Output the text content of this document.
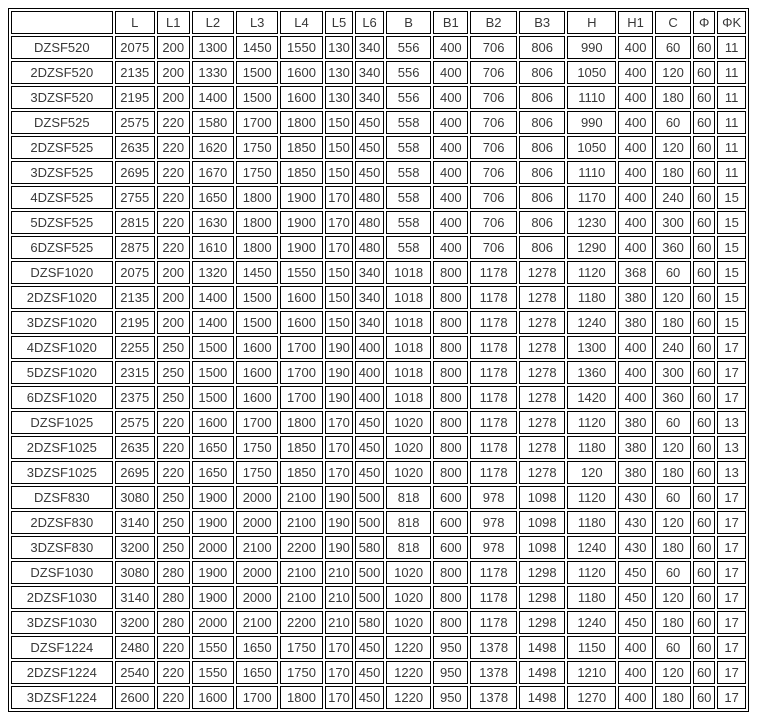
	L	L1	L2	L3	L4	L5	L6	B	B1	B2	B3	H	H1	C	Φ	ΦK
DZSF520	2075	200	1300	1450	1550	130	340	556	400	706	806	990	400	60	60	11
2DZSF520	2135	200	1330	1500	1600	130	340	556	400	706	806	1050	400	120	60	11
3DZSF520	2195	200	1400	1500	1600	130	340	556	400	706	806	1110	400	180	60	11
DZSF525	2575	220	1580	1700	1800	150	450	558	400	706	806	990	400	60	60	11
2DZSF525	2635	220	1620	1750	1850	150	450	558	400	706	806	1050	400	120	60	11
3DZSF525	2695	220	1670	1750	1850	150	450	558	400	706	806	1110	400	180	60	11
4DZSF525	2755	220	1650	1800	1900	170	480	558	400	706	806	1170	400	240	60	15
5DZSF525	2815	220	1630	1800	1900	170	480	558	400	706	806	1230	400	300	60	15
6DZSF525	2875	220	1610	1800	1900	170	480	558	400	706	806	1290	400	360	60	15
DZSF1020	2075	200	1320	1450	1550	150	340	1018	800	1178	1278	1120	368	60	60	15
2DZSF1020	2135	200	1400	1500	1600	150	340	1018	800	1178	1278	1180	380	120	60	15
3DZSF1020	2195	200	1400	1500	1600	150	340	1018	800	1178	1278	1240	380	180	60	15
4DZSF1020	2255	250	1500	1600	1700	190	400	1018	800	1178	1278	1300	400	240	60	17
5DZSF1020	2315	250	1500	1600	1700	190	400	1018	800	1178	1278	1360	400	300	60	17
6DZSF1020	2375	250	1500	1600	1700	190	400	1018	800	1178	1278	1420	400	360	60	17
DZSF1025	2575	220	1600	1700	1800	170	450	1020	800	1178	1278	1120	380	60	60	13
2DZSF1025	2635	220	1650	1750	1850	170	450	1020	800	1178	1278	1180	380	120	60	13
3DZSF1025	2695	220	1650	1750	1850	170	450	1020	800	1178	1278	120	380	180	60	13
DZSF830	3080	250	1900	2000	2100	190	500	818	600	978	1098	1120	430	60	60	17
2DZSF830	3140	250	1900	2000	2100	190	500	818	600	978	1098	1180	430	120	60	17
3DZSF830	3200	250	2000	2100	2200	190	580	818	600	978	1098	1240	430	180	60	17
DZSF1030	3080	280	1900	2000	2100	210	500	1020	800	1178	1298	1120	450	60	60	17
2DZSF1030	3140	280	1900	2000	2100	210	500	1020	800	1178	1298	1180	450	120	60	17
3DZSF1030	3200	280	2000	2100	2200	210	580	1020	800	1178	1298	1240	450	180	60	17
DZSF1224	2480	220	1550	1650	1750	170	450	1220	950	1378	1498	1150	400	60	60	17
2DZSF1224	2540	220	1550	1650	1750	170	450	1220	950	1378	1498	1210	400	120	60	17
3DZSF1224	2600	220	1600	1700	1800	170	450	1220	950	1378	1498	1270	400	180	60	17
